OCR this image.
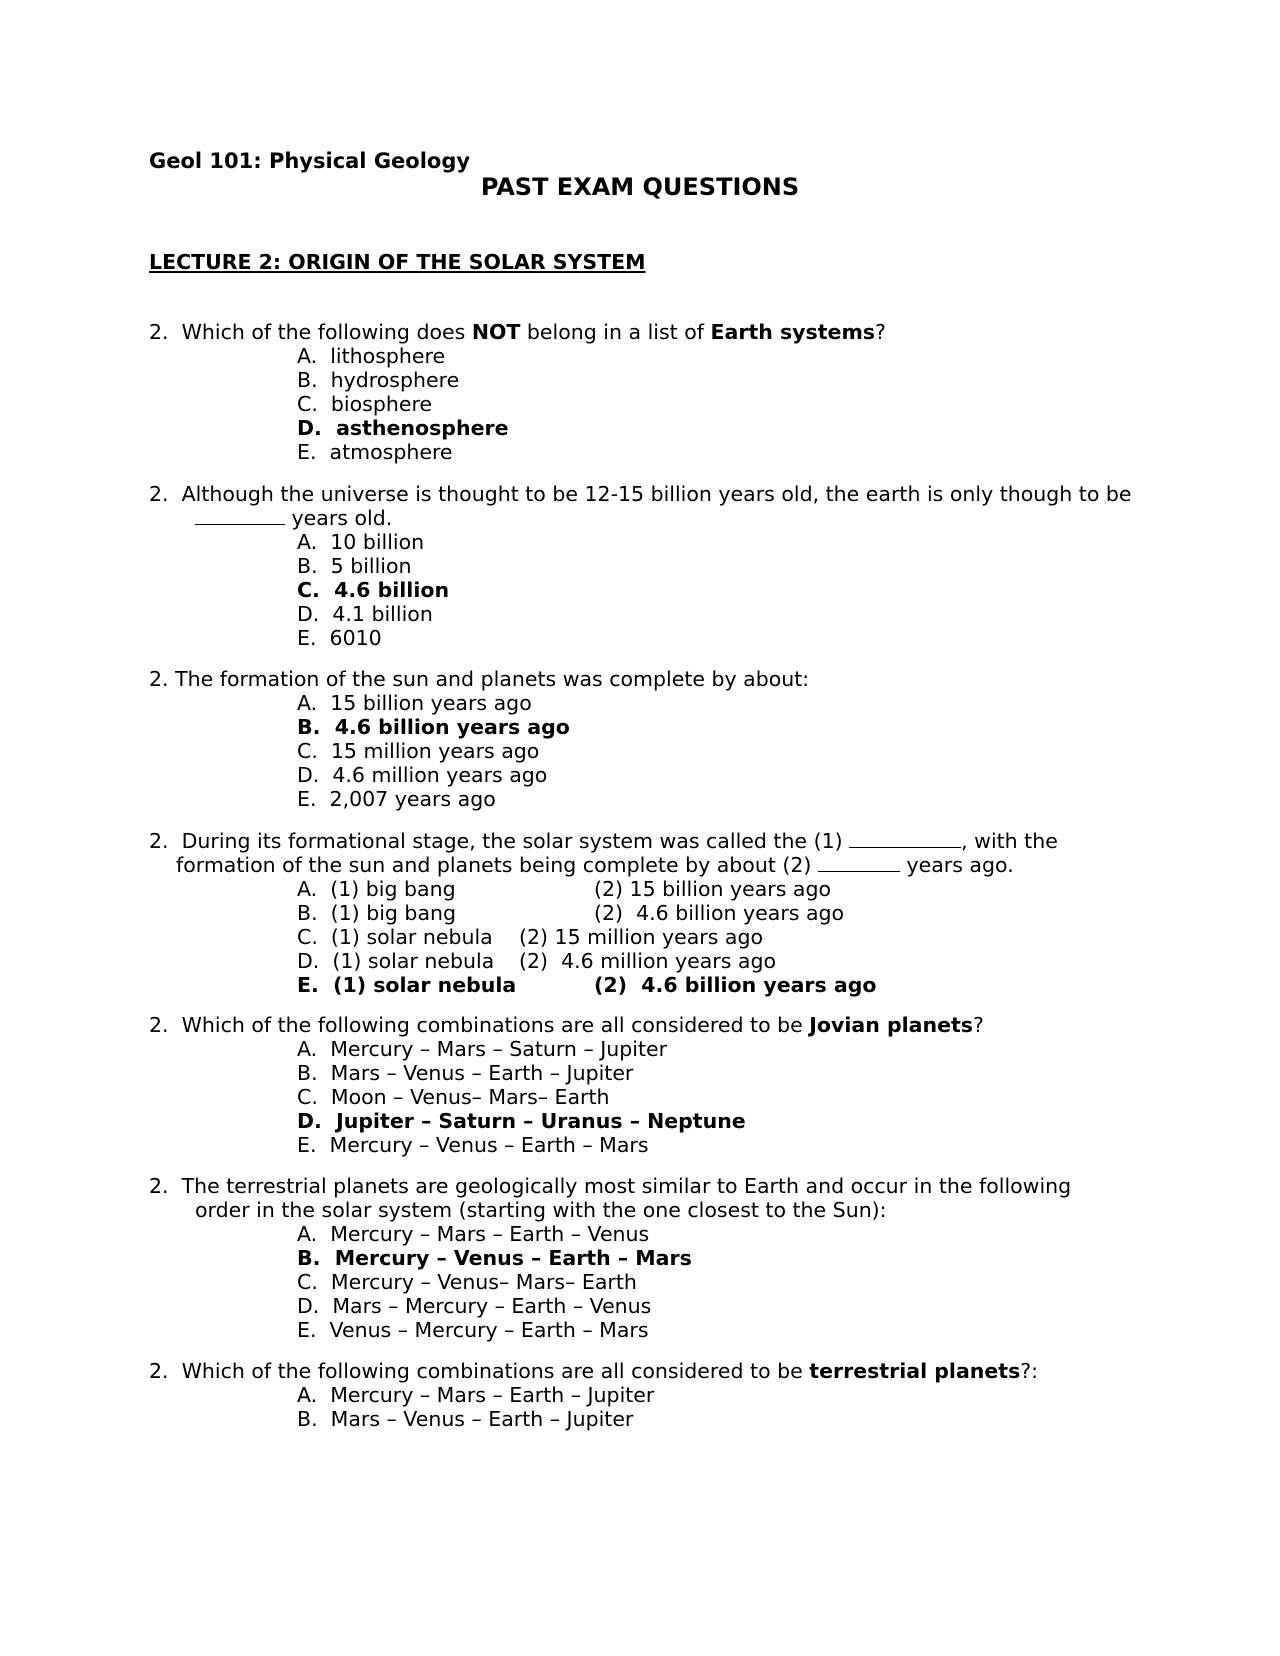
Geol 101: Physical Geology
PAST EXAM QUESTIONS
LECTURE 2: ORIGIN OF THE SOLAR SYSTEM
2. Which of the following does NOT belong in a list of Earth systems?
A. lithosphere
B. hydrosphere
C. biosphere
D. asthenosphere
E. atmosphere
2. Although the universe is thought to be 12-15 billion years old, the earth is only though to be
years old.
A. 10 billion
B. 5 billion
C. 4.6 billion
D. 4.1 billion
E. 6010
2. The formation of the sun and planets was complete by about:
A. 15 billion years ago
B. 4.6 billion years ago
C. 15 million years ago
D. 4.6 million years ago
E. 2,007 years ago
2. During its formational stage, the solar system was called the (1)	, with the
formation of the sun and planets being complete by about (2)	years ago.
A. (1) big bang	(2) 15 billion years ago
B. (1) big bang	(2)  4.6 billion years ago
C. (1) solar nebula (2) 15 million years ago
D. (1) solar nebula (2)  4.6 million years ago
E. (1) solar nebula	(2)  4.6 billion years ago
2. Which of the following combinations are all considered to be Jovian planets?
A. Mercury – Mars – Saturn – Jupiter
B. Mars – Venus – Earth – Jupiter
C. Moon – Venus– Mars– Earth
D. Jupiter – Saturn – Uranus – Neptune
E. Mercury – Venus – Earth – Mars
2. The terrestrial planets are geologically most similar to Earth and occur in the following
order in the solar system (starting with the one closest to the Sun):
A. Mercury – Mars – Earth – Venus
B. Mercury – Venus – Earth – Mars
C. Mercury – Venus– Mars– Earth
D. Mars – Mercury – Earth – Venus
E. Venus – Mercury – Earth – Mars
2. Which of the following combinations are all considered to be terrestrial planets?:
A. Mercury – Mars – Earth – Jupiter
B. Mars – Venus – Earth – Jupiter
